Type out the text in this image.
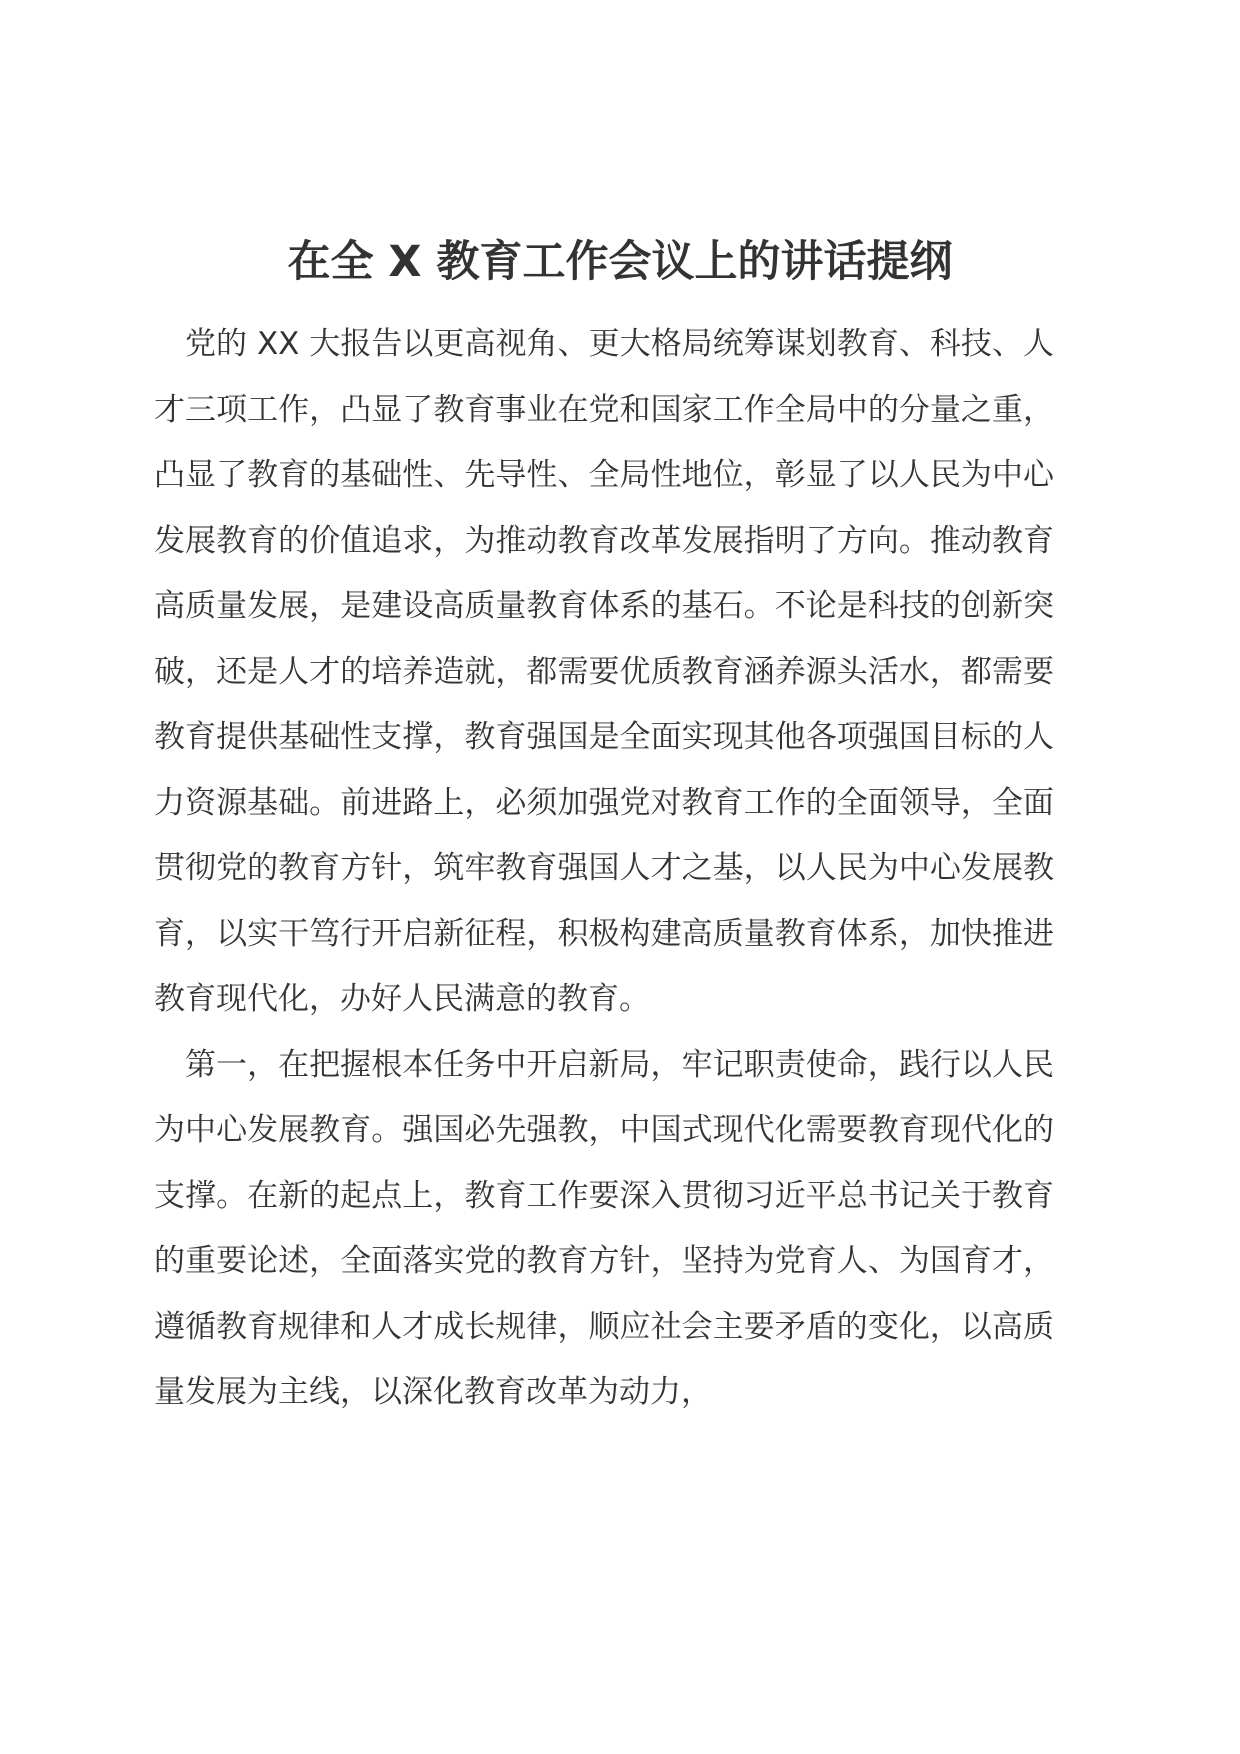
在全 X 教育工作会议上的讲话提纲

党的 XX 大报告以更高视角、更大格局统筹谋划教育、科技、人才三项工作，凸显了教育事业在党和国家工作全局中的分量之重，凸显了教育的基础性、先导性、全局性地位，彰显了以人民为中心发展教育的价值追求，为推动教育改革发展指明了方向。推动教育高质量发展，是建设高质量教育体系的基石。不论是科技的创新突破，还是人才的培养造就，都需要优质教育涵养源头活水，都需要教育提供基础性支撑，教育强国是全面实现其他各项强国目标的人力资源基础。前进路上，必须加强党对教育工作的全面领导，全面贯彻党的教育方针，筑牢教育强国人才之基，以人民为中心发展教育，以实干笃行开启新征程，积极构建高质量教育体系，加快推进教育现代化，办好人民满意的教育。

第一，在把握根本任务中开启新局，牢记职责使命，践行以人民为中心发展教育。强国必先强教，中国式现代化需要教育现代化的支撑。在新的起点上，教育工作要深入贯彻习近平总书记关于教育的重要论述，全面落实党的教育方针，坚持为党育人、为国育才，遵循教育规律和人才成长规律，顺应社会主要矛盾的变化，以高质量发展为主线，以深化教育改革为动力，
